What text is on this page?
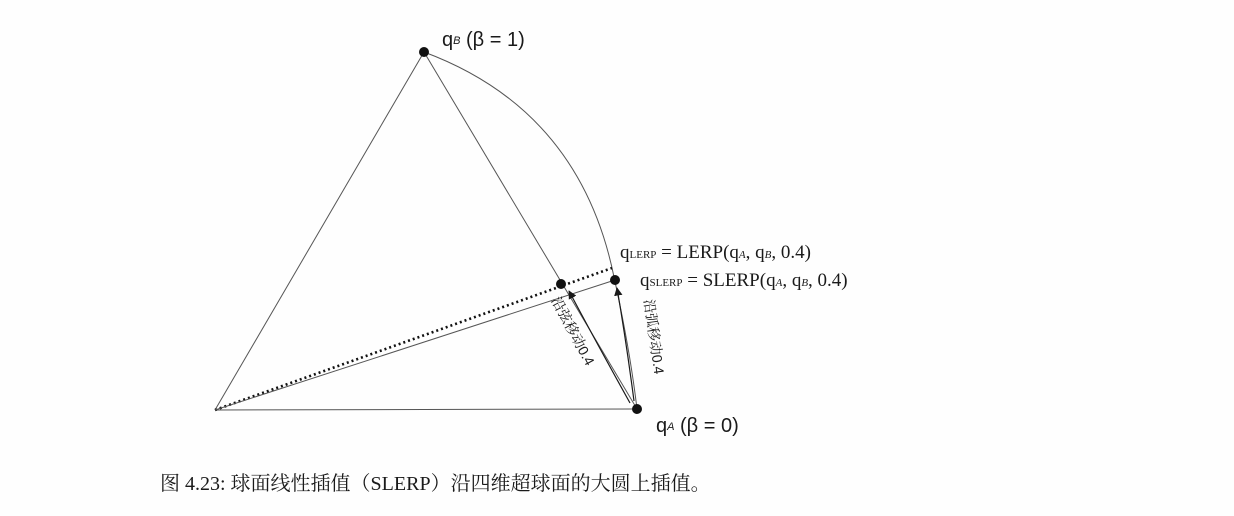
qB (β = 1)
qA (β = 0)
qLERP = LERP(qA, qB, 0.4)
qSLERP = SLERP(qA, qB, 0.4)
沿弦移动0.4	沿弧移动0.4
图 4.23: 球面线性插值（SLERP）沿四维超球面的大圆上插值。
